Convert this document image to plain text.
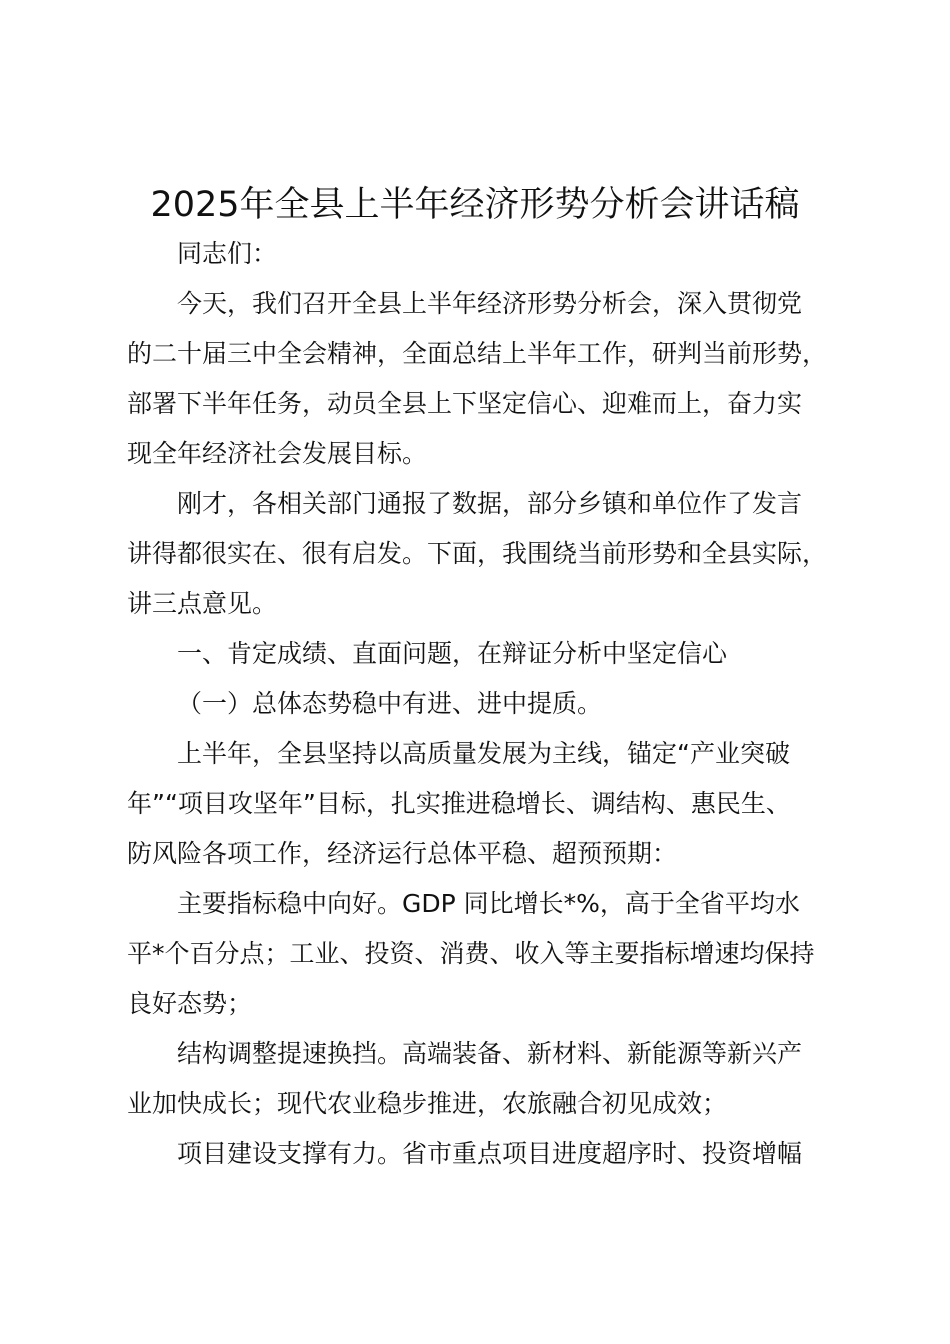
2025年全县上半年经济形势分析会讲话稿
同志们：
今天，我们召开全县上半年经济形势分析会，深入贯彻党
的二十届三中全会精神，全面总结上半年工作，研判当前形势，
部署下半年任务，动员全县上下坚定信心、迎难而上，奋力实
现全年经济社会发展目标。
刚才，各相关部门通报了数据，部分乡镇和单位作了发言
讲得都很实在、很有启发。下面，我围绕当前形势和全县实际，
讲三点意见。
一、肯定成绩、直面问题，在辩证分析中坚定信心
（一）总体态势稳中有进、进中提质。
上半年，全县坚持以高质量发展为主线，锚定“产业突破
年”“项目攻坚年”目标，扎实推进稳增长、调结构、惠民生、
防风险各项工作，经济运行总体平稳、超预预期：
主要指标稳中向好。GDP 同比增长*%，高于全省平均水
平*个百分点；工业、投资、消费、收入等主要指标增速均保持
良好态势；
结构调整提速换挡。高端装备、新材料、新能源等新兴产
业加快成长；现代农业稳步推进，农旅融合初见成效；
项目建设支撑有力。省市重点项目进度超序时、投资增幅
